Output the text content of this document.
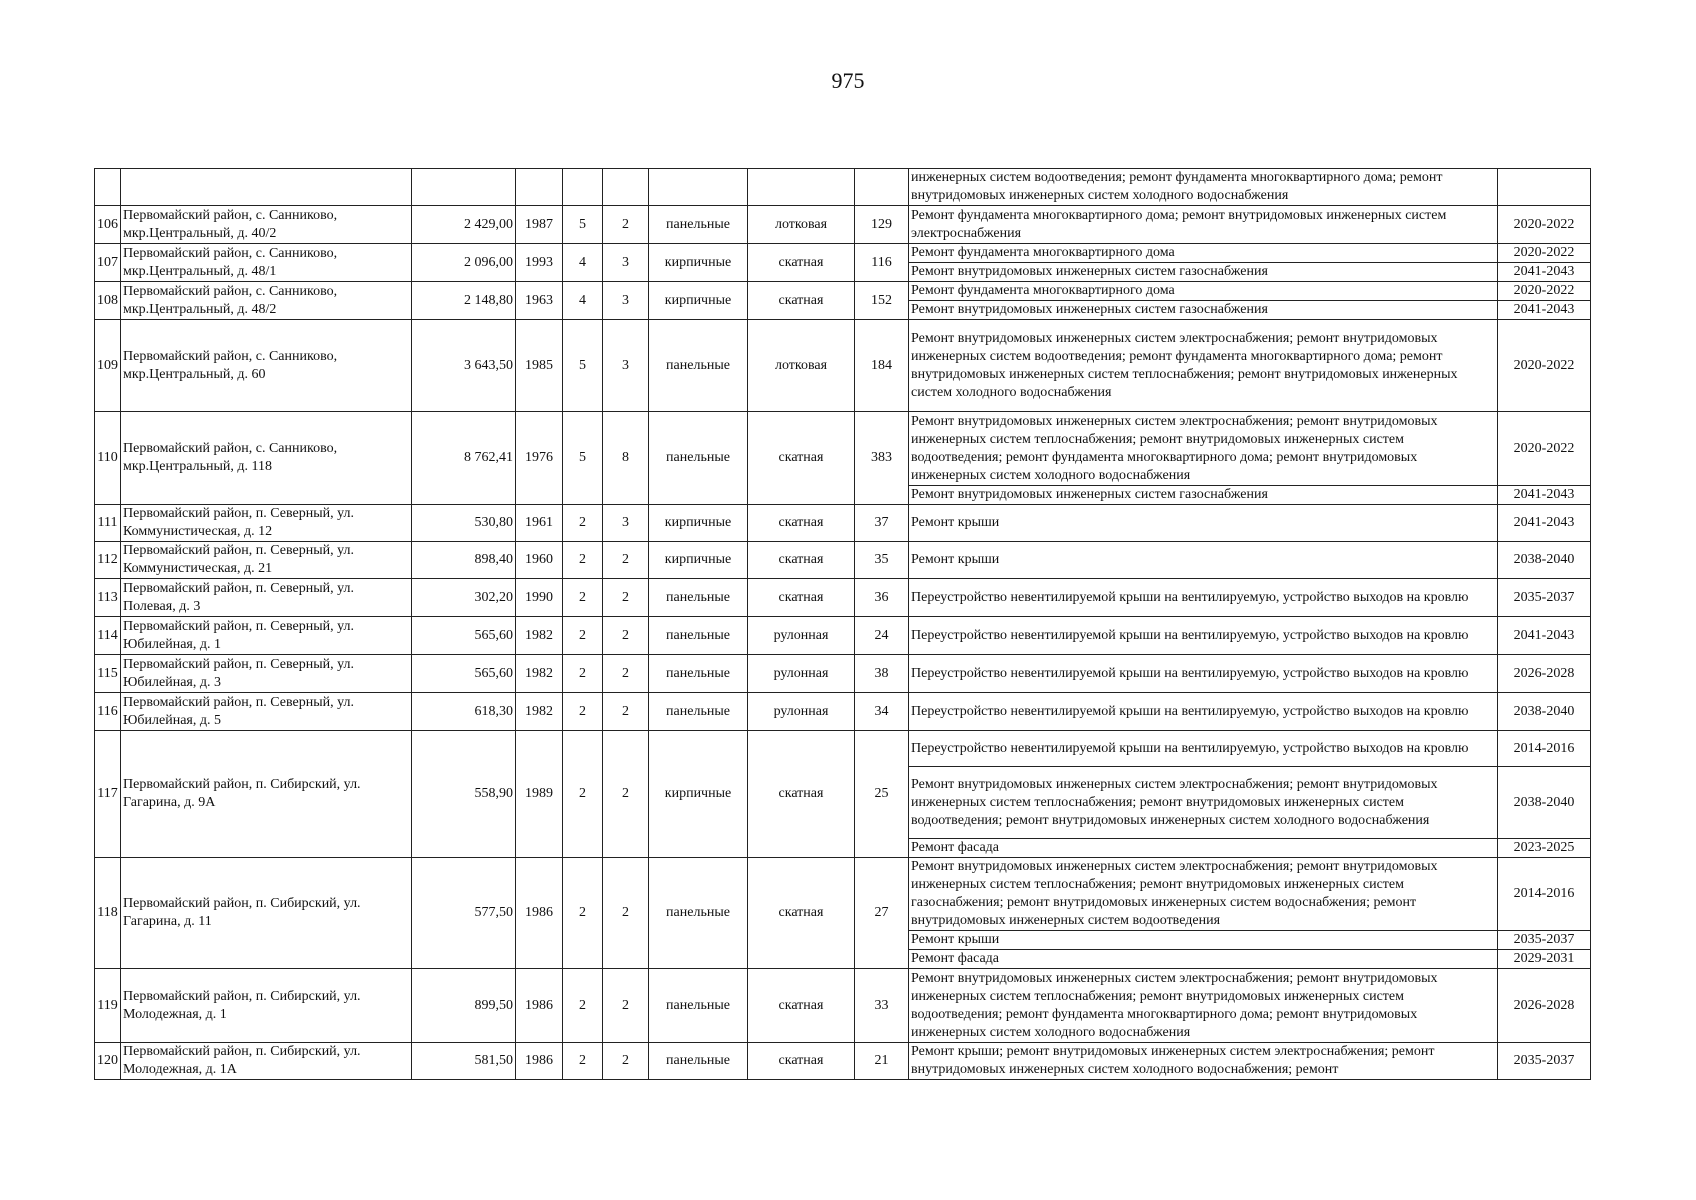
975
									инженерных систем водоотведения; ремонт фундамента многоквартирного дома; ремонт внутридомовых инженерных систем холодного водоснабжения	
106	Первомайский район, с. Санниково, мкр.Центральный, д. 40/2	2 429,00	1987	5	2	панельные	лотковая	129	Ремонт фундамента многоквартирного дома; ремонт внутридомовых инженерных систем электроснабжения	2020-2022
107	Первомайский район, с. Санниково, мкр.Центральный, д. 48/1	2 096,00	1993	4	3	кирпичные	скатная	116	Ремонт фундамента многоквартирного дома	2020-2022
									Ремонт внутридомовых инженерных систем газоснабжения	2041-2043
108	Первомайский район, с. Санниково, мкр.Центральный, д. 48/2	2 148,80	1963	4	3	кирпичные	скатная	152	Ремонт фундамента многоквартирного дома	2020-2022
									Ремонт внутридомовых инженерных систем газоснабжения	2041-2043
109	Первомайский район, с. Санниково, мкр.Центральный, д. 60	3 643,50	1985	5	3	панельные	лотковая	184	Ремонт внутридомовых инженерных систем электроснабжения; ремонт внутридомовых инженерных систем водоотведения; ремонт фундамента многоквартирного дома; ремонт внутридомовых инженерных систем теплоснабжения; ремонт внутридомовых инженерных систем холодного водоснабжения	2020-2022
110	Первомайский район, с. Санниково, мкр.Центральный, д. 118	8 762,41	1976	5	8	панельные	скатная	383	Ремонт внутридомовых инженерных систем электроснабжения; ремонт внутридомовых инженерных систем теплоснабжения; ремонт внутридомовых инженерных систем водоотведения; ремонт фундамента многоквартирного дома; ремонт внутридомовых инженерных систем холодного водоснабжения	2020-2022
									Ремонт внутридомовых инженерных систем газоснабжения	2041-2043
111	Первомайский район, п. Северный, ул. Коммунистическая, д. 12	530,80	1961	2	3	кирпичные	скатная	37	Ремонт крыши	2041-2043
112	Первомайский район, п. Северный, ул. Коммунистическая, д. 21	898,40	1960	2	2	кирпичные	скатная	35	Ремонт крыши	2038-2040
113	Первомайский район, п. Северный, ул. Полевая, д. 3	302,20	1990	2	2	панельные	скатная	36	Переустройство невентилируемой крыши на вентилируемую, устройство выходов на кровлю	2035-2037
114	Первомайский район, п. Северный, ул. Юбилейная, д. 1	565,60	1982	2	2	панельные	рулонная	24	Переустройство невентилируемой крыши на вентилируемую, устройство выходов на кровлю	2041-2043
115	Первомайский район, п. Северный, ул. Юбилейная, д. 3	565,60	1982	2	2	панельные	рулонная	38	Переустройство невентилируемой крыши на вентилируемую, устройство выходов на кровлю	2026-2028
116	Первомайский район, п. Северный, ул. Юбилейная, д. 5	618,30	1982	2	2	панельные	рулонная	34	Переустройство невентилируемой крыши на вентилируемую, устройство выходов на кровлю	2038-2040
117	Первомайский район, п. Сибирский, ул. Гагарина, д. 9А	558,90	1989	2	2	кирпичные	скатная	25	Переустройство невентилируемой крыши на вентилируемую, устройство выходов на кровлю	2014-2016
									Ремонт внутридомовых инженерных систем электроснабжения; ремонт внутридомовых инженерных систем теплоснабжения; ремонт внутридомовых инженерных систем водоотведения; ремонт внутридомовых инженерных систем холодного водоснабжения	2038-2040
									Ремонт фасада	2023-2025
118	Первомайский район, п. Сибирский, ул. Гагарина, д. 11	577,50	1986	2	2	панельные	скатная	27	Ремонт внутридомовых инженерных систем электроснабжения; ремонт внутридомовых инженерных систем теплоснабжения; ремонт внутридомовых инженерных систем газоснабжения; ремонт внутридомовых инженерных систем водоснабжения; ремонт внутридомовых инженерных систем водоотведения	2014-2016
									Ремонт крыши	2035-2037
									Ремонт фасада	2029-2031
119	Первомайский район, п. Сибирский, ул. Молодежная, д. 1	899,50	1986	2	2	панельные	скатная	33	Ремонт внутридомовых инженерных систем электроснабжения; ремонт внутридомовых инженерных систем теплоснабжения; ремонт внутридомовых инженерных систем водоотведения; ремонт фундамента многоквартирного дома; ремонт внутридомовых инженерных систем холодного водоснабжения	2026-2028
120	Первомайский район, п. Сибирский, ул. Молодежная, д. 1А	581,50	1986	2	2	панельные	скатная	21	Ремонт крыши; ремонт внутридомовых инженерных систем электроснабжения; ремонт внутридомовых инженерных систем холодного водоснабжения; ремонт	2035-2037
